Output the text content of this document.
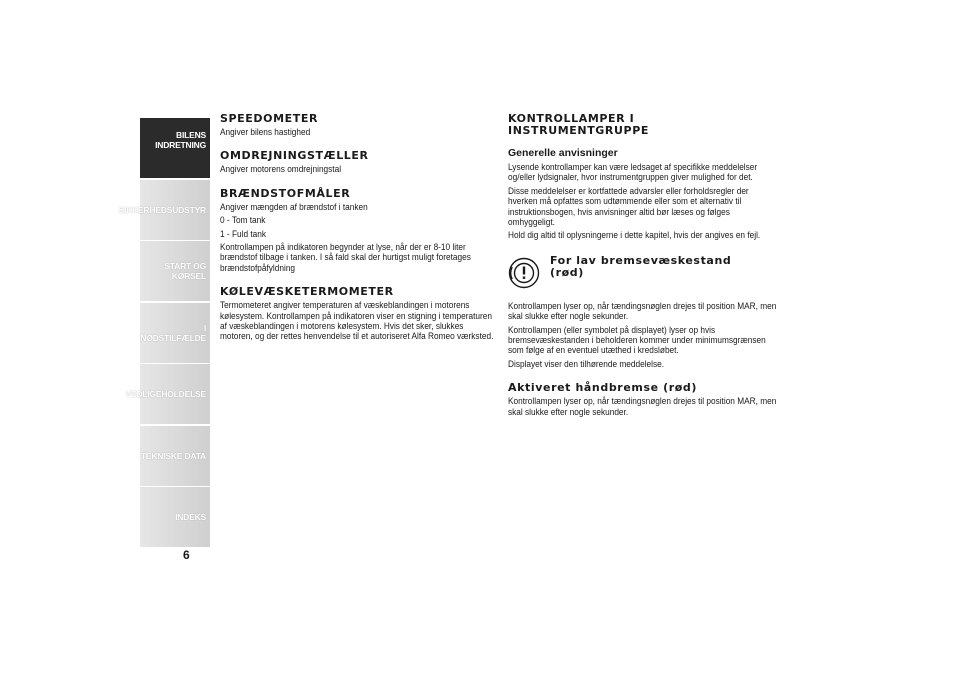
BILENS
INDRETNING
SIKKERHEDSUDSTYR
START OG KØRSEL
I NØDSTILFÆLDE
VEDLIGEHOLDELSE
TEKNISKE DATA
INDEKS
6
SPEEDOMETER

Angiver bilens hastighed

OMDREJNINGSTÆLLER

Angiver motorens omdrejningstal

BRÆNDSTOFMÅLER

Angiver mængden af brændstof i tanken

0 - Tom tank

1 - Fuld tank

Kontrollampen på indikatoren begynder at lyse, når der er 8-10 liter brændstof tilbage i tanken. I så fald skal der hurtigst muligt foretages brændstofpåfyldning

KØLEVÆSKETERMOMETER

Termometeret angiver temperaturen af væskeblandingen i motorens kølesystem. Kontrollampen på indikatoren viser en stigning i temperaturen af væskeblandingen i motorens kølesystem. Hvis det sker, slukkes motoren, og der rettes henvendelse til et autoriseret Alfa Romeo værksted.

KONTROLLAMPER I INSTRUMENTGRUPPE
Generelle anvisninger

Lysende kontrollamper kan være ledsaget af specifikke meddelelser og/eller lydsignaler, hvor instrumentgruppen giver mulighed for det.

Disse meddelelser er kortfattede advarsler eller forholdsregler der hverken må opfattes som udtømmende eller som et alternativ til instruktionsbogen, hvis anvisninger altid bør læses og følges omhyggeligt.

Hold dig altid til oplysningerne i dette kapitel, hvis der angives en fejl.

For lav bremsevæskestand (rød)

Kontrollampen lyser op, når tændingsnøglen drejes til position MAR, men skal slukke efter nogle sekunder.

Kontrollampen (eller symbolet på displayet) lyser op hvis bremsevæskestanden i beholderen kommer under minimumsgrænsen som følge af en eventuel utæthed i kredsløbet.

Displayet viser den tilhørende meddelelse.

Aktiveret håndbremse (rød)

Kontrollampen lyser op, når tændingsnøglen drejes til position MAR, men skal slukke efter nogle sekunder.
